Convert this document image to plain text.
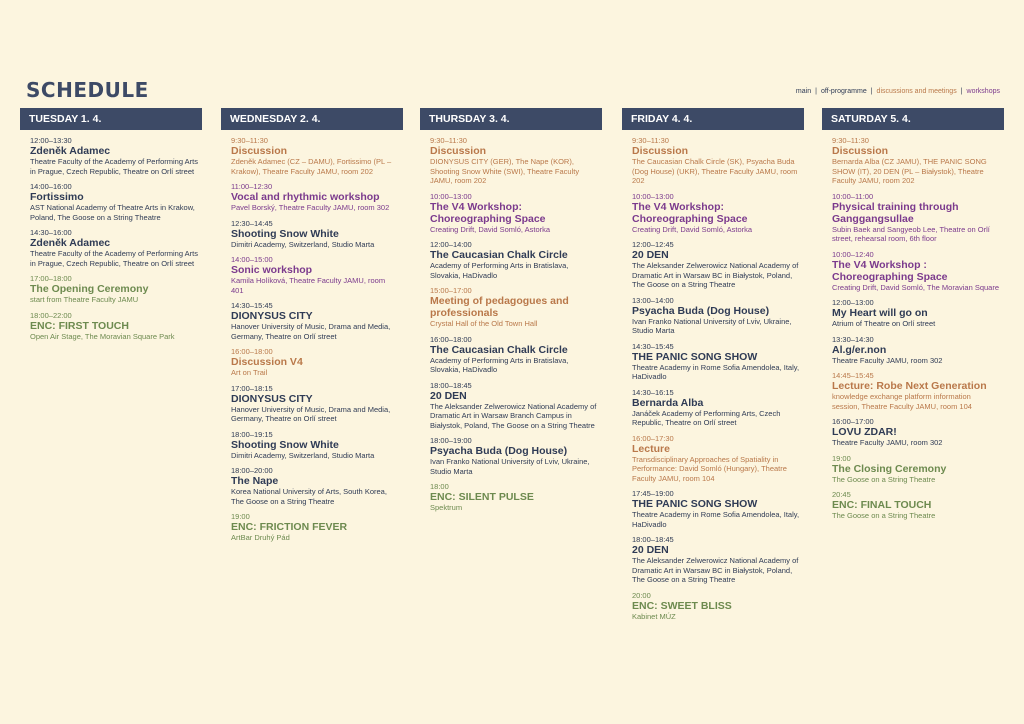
SCHEDULE	main | off-programme | discussions and meetings | workshops
TUESDAY 1. 4.
12:00–13:30
Zdeněk Adamec
Theatre Faculty of the Academy of Performing Arts in Prague, Czech Republic, Theatre on Orlí street
14:00–16:00
Fortissimo
AST National Academy of Theatre Arts in Krakow, Poland, The Goose on a String Theatre
14:30–16:00
Zdeněk Adamec
Theatre Faculty of the Academy of Performing Arts in Prague, Czech Republic, Theatre on Orlí street
17:00–18:00
The Opening Ceremony
start from Theatre Faculty JAMU
18:00–22:00
ENC: FIRST TOUCH
Open Air Stage, The Moravian Square Park
WEDNESDAY 2. 4.
9:30–11:30
Discussion
Zdeněk Adamec (CZ – DAMU), Fortissimo (PL – Krakow), Theatre Faculty JAMU, room 202
11:00–12:30
Vocal and rhythmic workshop
Pavel Borský, Theatre Faculty JAMU, room 302
12:30–14:45
Shooting Snow White
Dimitri Academy, Switzerland, Studio Marta
14:00–15:00
Sonic workshop
Kamila Holíková, Theatre Faculty JAMU, room 401
14:30–15:45
DIONYSUS CITY
Hanover University of Music, Drama and Media, Germany, Theatre on Orlí street
16:00–18:00
Discussion V4
Art on Trail
17:00–18:15
DIONYSUS CITY
Hanover University of Music, Drama and Media, Germany, Theatre on Orlí street
18:00–19:15
Shooting Snow White
Dimitri Academy, Switzerland, Studio Marta
18:00–20:00
The Nape
Korea National University of Arts, South Korea, The Goose on a String Theatre
19:00
ENC: FRICTION FEVER
ArtBar Druhý Pád
THURSDAY 3. 4.
9:30–11:30
Discussion
DIONYSUS CITY (GER), The Nape (KOR), Shooting Snow White (SWI), Theatre Faculty JAMU, room 202
10:00–13:00
The V4 Workshop: Choreographing Space
Creating Drift, David Somló, Astorka
12:00–14:00
The Caucasian Chalk Circle
Academy of Performing Arts in Bratislava, Slovakia, HaDivadlo
15:00–17:00
Meeting of pedagogues and professionals
Crystal Hall of the Old Town Hall
16:00–18:00
The Caucasian Chalk Circle
Academy of Performing Arts in Bratislava, Slovakia, HaDivadlo
18:00–18:45
20 DEN
The Aleksander Zelwerowicz National Academy of Dramatic Art in Warsaw Branch Campus in Białystok, Poland, The Goose on a String Theatre
18:00–19:00
Psyacha Buda (Dog House)
Ivan Franko National University of Lviv, Ukraine, Studio Marta
18:00
ENC: SILENT PULSE
Spektrum
FRIDAY 4. 4.
9:30–11:30
Discussion
The Caucasian Chalk Circle (SK), Psyacha Buda (Dog House) (UKR), Theatre Faculty JAMU, room 202
10:00–13:00
The V4 Workshop: Choreographing Space
Creating Drift, David Somló, Astorka
12:00–12:45
20 DEN
The Aleksander Zelwerowicz National Academy of Dramatic Art in Warsaw BC in Białystok, Poland, The Goose on a String Theatre
13:00–14:00
Psyacha Buda (Dog House)
Ivan Franko National University of Lviv, Ukraine, Studio Marta
14:30–15:45
THE PANIC SONG SHOW
Theatre Academy in Rome Sofia Amendolea, Italy, HaDivadlo
14:30–16:15
Bernarda Alba
Janáček Academy of Performing Arts, Czech Republic, Theatre on Orlí street
16:00–17:30
Lecture
Transdisciplinary Approaches of Spatiality in Performance: David Somló (Hungary), Theatre Faculty JAMU, room 104
17:45–19:00
THE PANIC SONG SHOW
Theatre Academy in Rome Sofia Amendolea, Italy, HaDivadlo
18:00–18:45
20 DEN
The Aleksander Zelwerowicz National Academy of Dramatic Art in Warsaw BC in Białystok, Poland, The Goose on a String Theatre
20:00
ENC: SWEET BLISS
Kabinet MÚZ
SATURDAY 5. 4.
9:30–11:30
Discussion
Bernarda Alba (CZ JAMU), THE PANIC SONG SHOW (IT), 20 DEN (PL – Białystok), Theatre Faculty JAMU, room 202
10:00–11:00
Physical training through Ganggangsullae
Subin Baek and Sangyeob Lee, Theatre on Orlí street, rehearsal room, 6th floor
10:00–12:40
The V4 Workshop : Choreographing Space
Creating Drift, David Somló, The Moravian Square
12:00–13:00
My Heart will go on
Atrium of Theatre on Orlí street
13:30–14:30
Al.g/er.non
Theatre Faculty JAMU, room 302
14:45–15:45
Lecture: Robe Next Generation
knowledge exchange platform information session, Theatre Faculty JAMU, room 104
16:00–17:00
LOVU ZDAR!
Theatre Faculty JAMU, room 302
19:00
The Closing Ceremony
The Goose on a String Theatre
20:45
ENC: FINAL TOUCH
The Goose on a String Theatre
